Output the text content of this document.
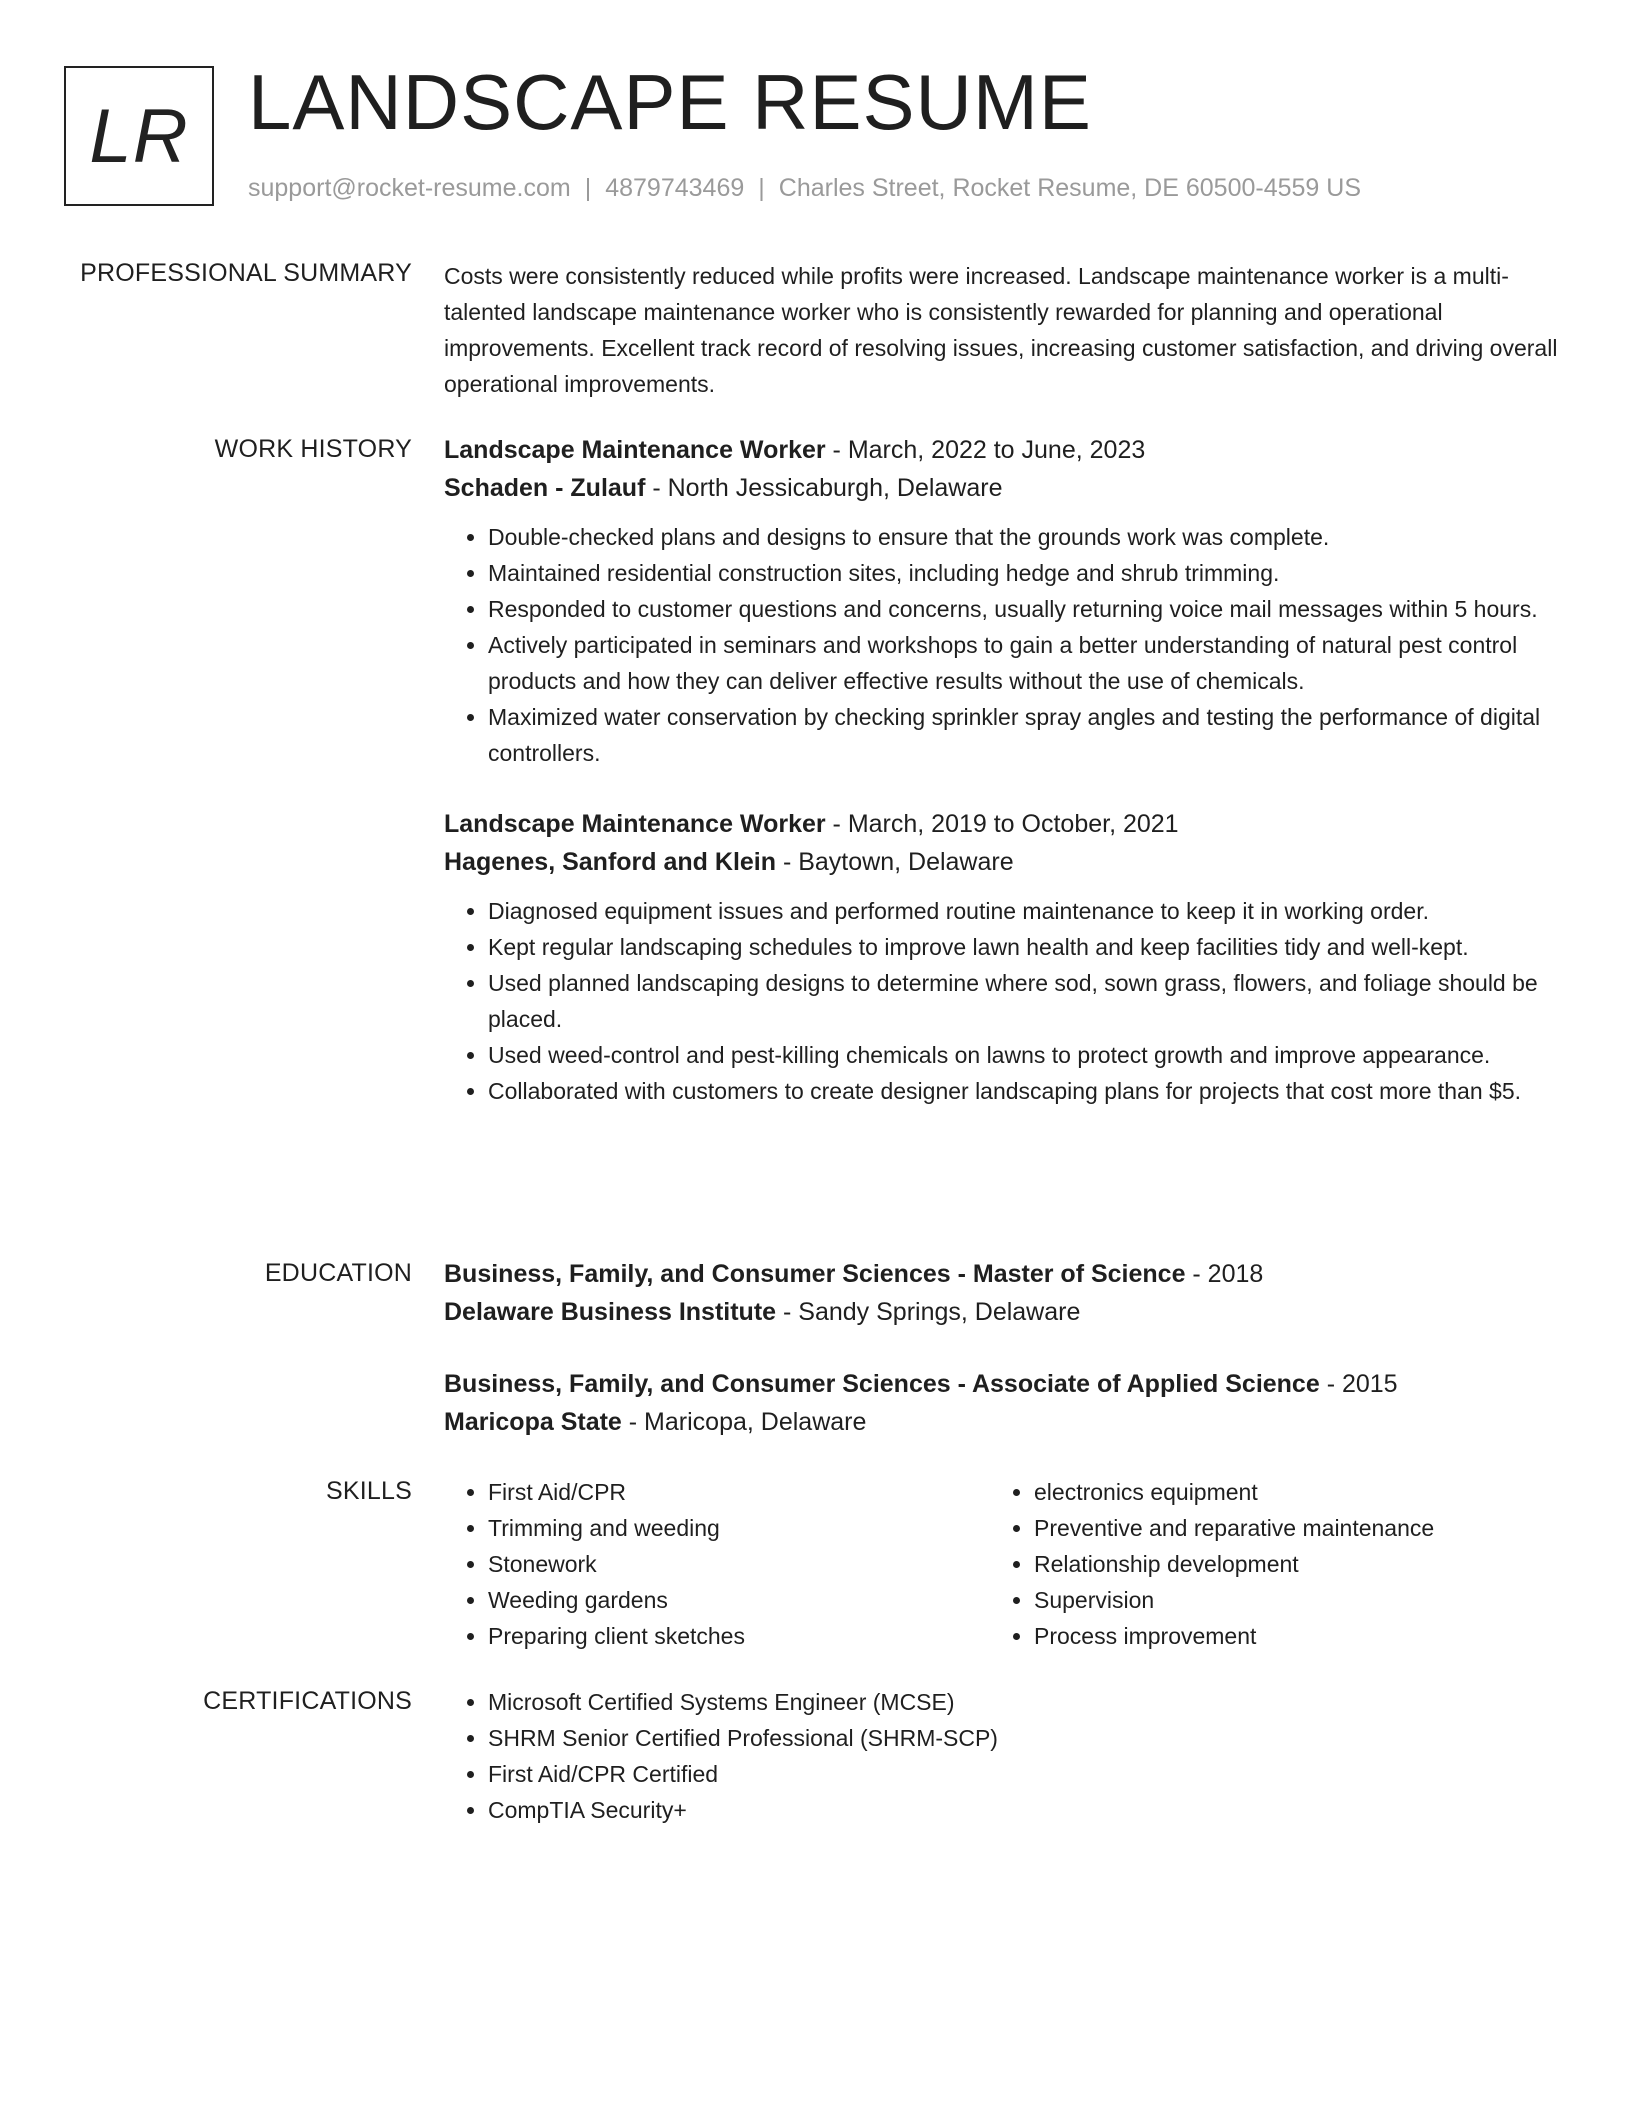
LR LANDSCAPE RESUME
support@rocket-resume.com | 4879743469 | Charles Street, Rocket Resume, DE 60500-4559 US
PROFESSIONAL SUMMARY Costs were consistently reduced while profits were increased. Landscape maintenance worker is a multi-talented landscape maintenance worker who is consistently rewarded for planning and operational improvements. Excellent track record of resolving issues, increasing customer satisfaction, and driving overall operational improvements.

WORK HISTORY Landscape Maintenance Worker - March, 2022 to June, 2023

Schaden - Zulauf - North Jessicaburgh, Delaware

• Double-checked plans and designs to ensure that the grounds work was complete.
• Maintained residential construction sites, including hedge and shrub trimming.
• Responded to customer questions and concerns, usually returning voice mail messages within 5 hours.
• Actively participated in seminars and workshops to gain a better understanding of natural pest control products and how they can deliver effective results without the use of chemicals.
• Maximized water conservation by checking sprinkler spray angles and testing the performance of digital controllers.

Landscape Maintenance Worker - March, 2019 to October, 2021

Hagenes, Sanford and Klein - Baytown, Delaware

• Diagnosed equipment issues and performed routine maintenance to keep it in working order.
• Kept regular landscaping schedules to improve lawn health and keep facilities tidy and well-kept.
• Used planned landscaping designs to determine where sod, sown grass, flowers, and foliage should be placed.
• Used weed-control and pest-killing chemicals on lawns to protect growth and improve appearance.
• Collaborated with customers to create designer landscaping plans for projects that cost more than $5.
EDUCATION Business, Family, and Consumer Sciences - Master of Science - 2018

Delaware Business Institute - Sandy Springs, Delaware

Business, Family, and Consumer Sciences - Associate of Applied Science - 2015

Maricopa State - Maricopa, Delaware

SKILLS	• First Aid/CPR
• Trimming and weeding
• Stonework
• Weeding gardens
• Preparing client sketches
• electronics equipment
• Preventive and reparative maintenance
• Relationship development
• Supervision
• Process improvement
CERTIFICATIONS	• Microsoft Certified Systems Engineer (MCSE)
• SHRM Senior Certified Professional (SHRM-SCP)
• First Aid/CPR Certified
• CompTIA Security+
